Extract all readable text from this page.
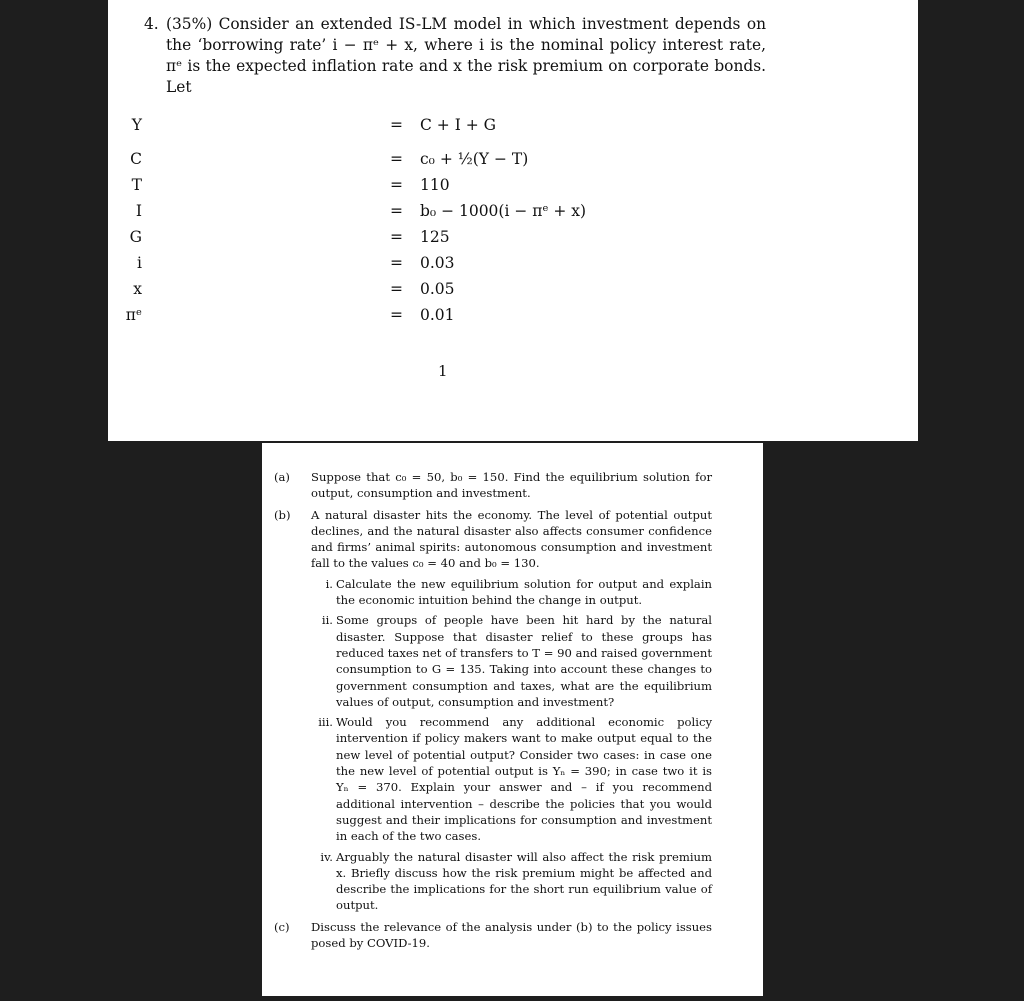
4. (35%) Consider an extended IS-LM model in which investment depends on the ‘borrowing rate’ i − πᵉ + x, where i is the nominal policy interest rate, πᵉ is the expected inflation rate and x the risk premium on corporate bonds. Let
Y	= C + I + G
C	= c₀ + ½(Y − T)
T	= 110
I	= b₀ − 1000(i − πᵉ + x)
G	= 125
i	= 0.03
x	= 0.05
πᵉ	= 0.01
1
(a) Suppose that c₀ = 50, b₀ = 150. Find the equilibrium solution for output, consumption and investment.
(b) A natural disaster hits the economy. The level of potential output declines, and the natural disaster also affects consumer confidence and firms’ animal spirits: autonomous consumption and investment fall to the values c₀ = 40 and b₀ = 130.
i. Calculate the new equilibrium solution for output and explain the economic intuition behind the change in output.
ii. Some groups of people have been hit hard by the natural disaster. Suppose that disaster relief to these groups has reduced taxes net of transfers to T = 90 and raised government consumption to G = 135. Taking into account these changes to government consumption and taxes, what are the equilibrium values of output, consumption and investment?
iii. Would you recommend any additional economic policy intervention if policy makers want to make output equal to the new level of potential output? Consider two cases: in case one the new level of potential output is Yₙ = 390; in case two it is Yₙ = 370. Explain your answer and – if you recommend additional intervention – describe the policies that you would suggest and their implications for consumption and investment in each of the two cases.
iv. Arguably the natural disaster will also affect the risk premium x. Briefly discuss how the risk premium might be affected and describe the implications for the short run equilibrium value of output.
(c) Discuss the relevance of the analysis under (b) to the policy issues posed by COVID-19.
